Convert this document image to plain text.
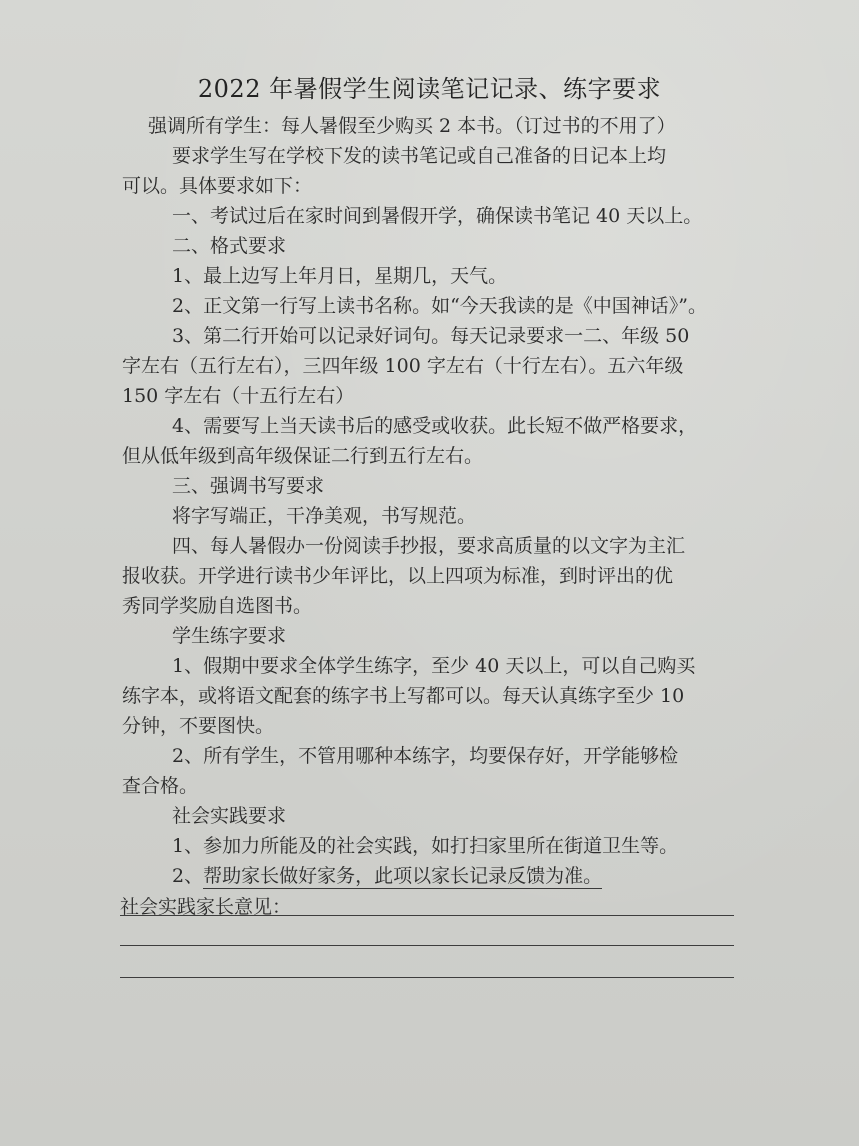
2022 年暑假学生阅读笔记记录、练字要求
强调所有学生：每人暑假至少购买 2 本书。（订过书的不用了）
要求学生写在学校下发的读书笔记或自己准备的日记本上均
可以。具体要求如下：
一、考试过后在家时间到暑假开学，确保读书笔记 40 天以上。
二、格式要求
1、最上边写上年月日，星期几，天气。
2、正文第一行写上读书名称。如“今天我读的是《中国神话》”。
3、第二行开始可以记录好词句。每天记录要求一二、年级 50
字左右（五行左右），三四年级 100 字左右（十行左右）。五六年级
150 字左右（十五行左右）
4、需要写上当天读书后的感受或收获。此长短不做严格要求，
但从低年级到高年级保证二行到五行左右。
三、强调书写要求
将字写端正，干净美观，书写规范。
四、每人暑假办一份阅读手抄报，要求高质量的以文字为主汇
报收获。开学进行读书少年评比，以上四项为标准，到时评出的优
秀同学奖励自选图书。
学生练字要求
1、假期中要求全体学生练字，至少 40 天以上，可以自己购买
练字本，或将语文配套的练字书上写都可以。每天认真练字至少 10
分钟，不要图快。
2、所有学生，不管用哪种本练字，均要保存好，开学能够检
查合格。
社会实践要求
1、参加力所能及的社会实践，如打扫家里所在街道卫生等。
2、帮助家长做好家务，此项以家长记录反馈为准。
社会实践家长意见：
